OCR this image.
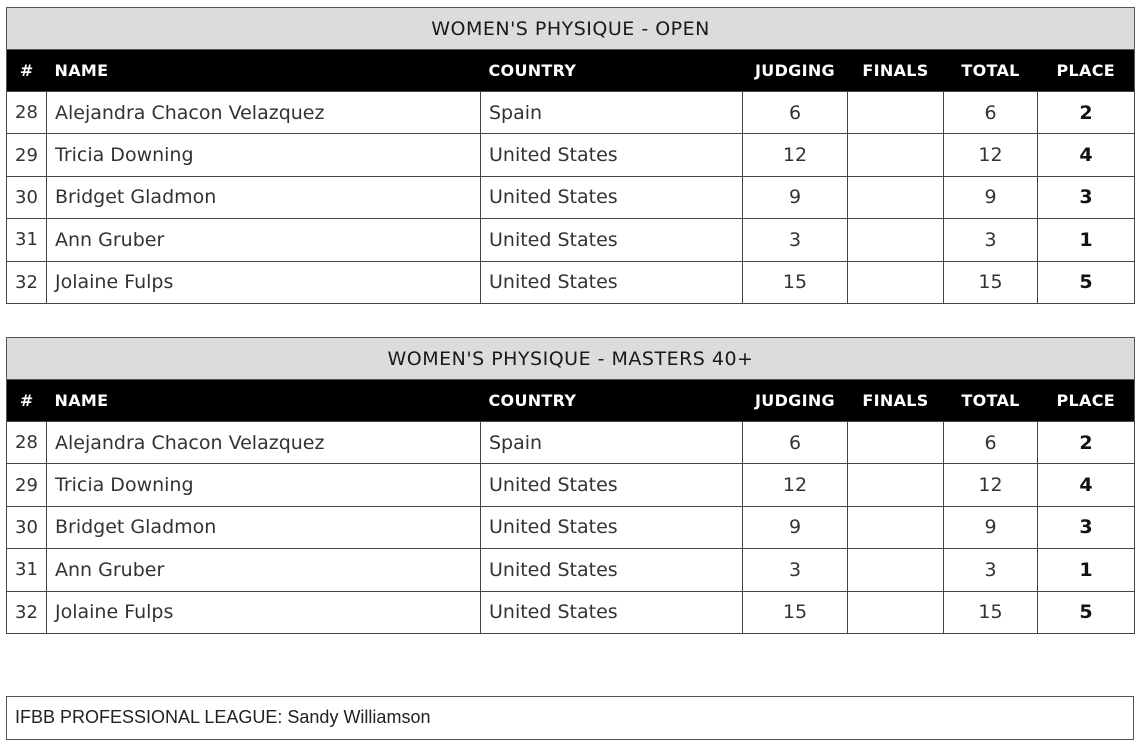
WOMEN'S PHYSIQUE - OPEN						
#	NAME	COUNTRY	JUDGING	FINALS	TOTAL	PLACE
28	Alejandra Chacon Velazquez	Spain	6		6	2
29	Tricia Downing	United States	12		12	4
30	Bridget Gladmon	United States	9		9	3
31	Ann Gruber	United States	3		3	1
32	Jolaine Fulps	United States	15		15	5
WOMEN'S PHYSIQUE - MASTERS 40+						
#	NAME	COUNTRY	JUDGING	FINALS	TOTAL	PLACE
28	Alejandra Chacon Velazquez	Spain	6		6	2
29	Tricia Downing	United States	12		12	4
30	Bridget Gladmon	United States	9		9	3
31	Ann Gruber	United States	3		3	1
32	Jolaine Fulps	United States	15		15	5
IFBB PROFESSIONAL LEAGUE: Sandy Williamson
